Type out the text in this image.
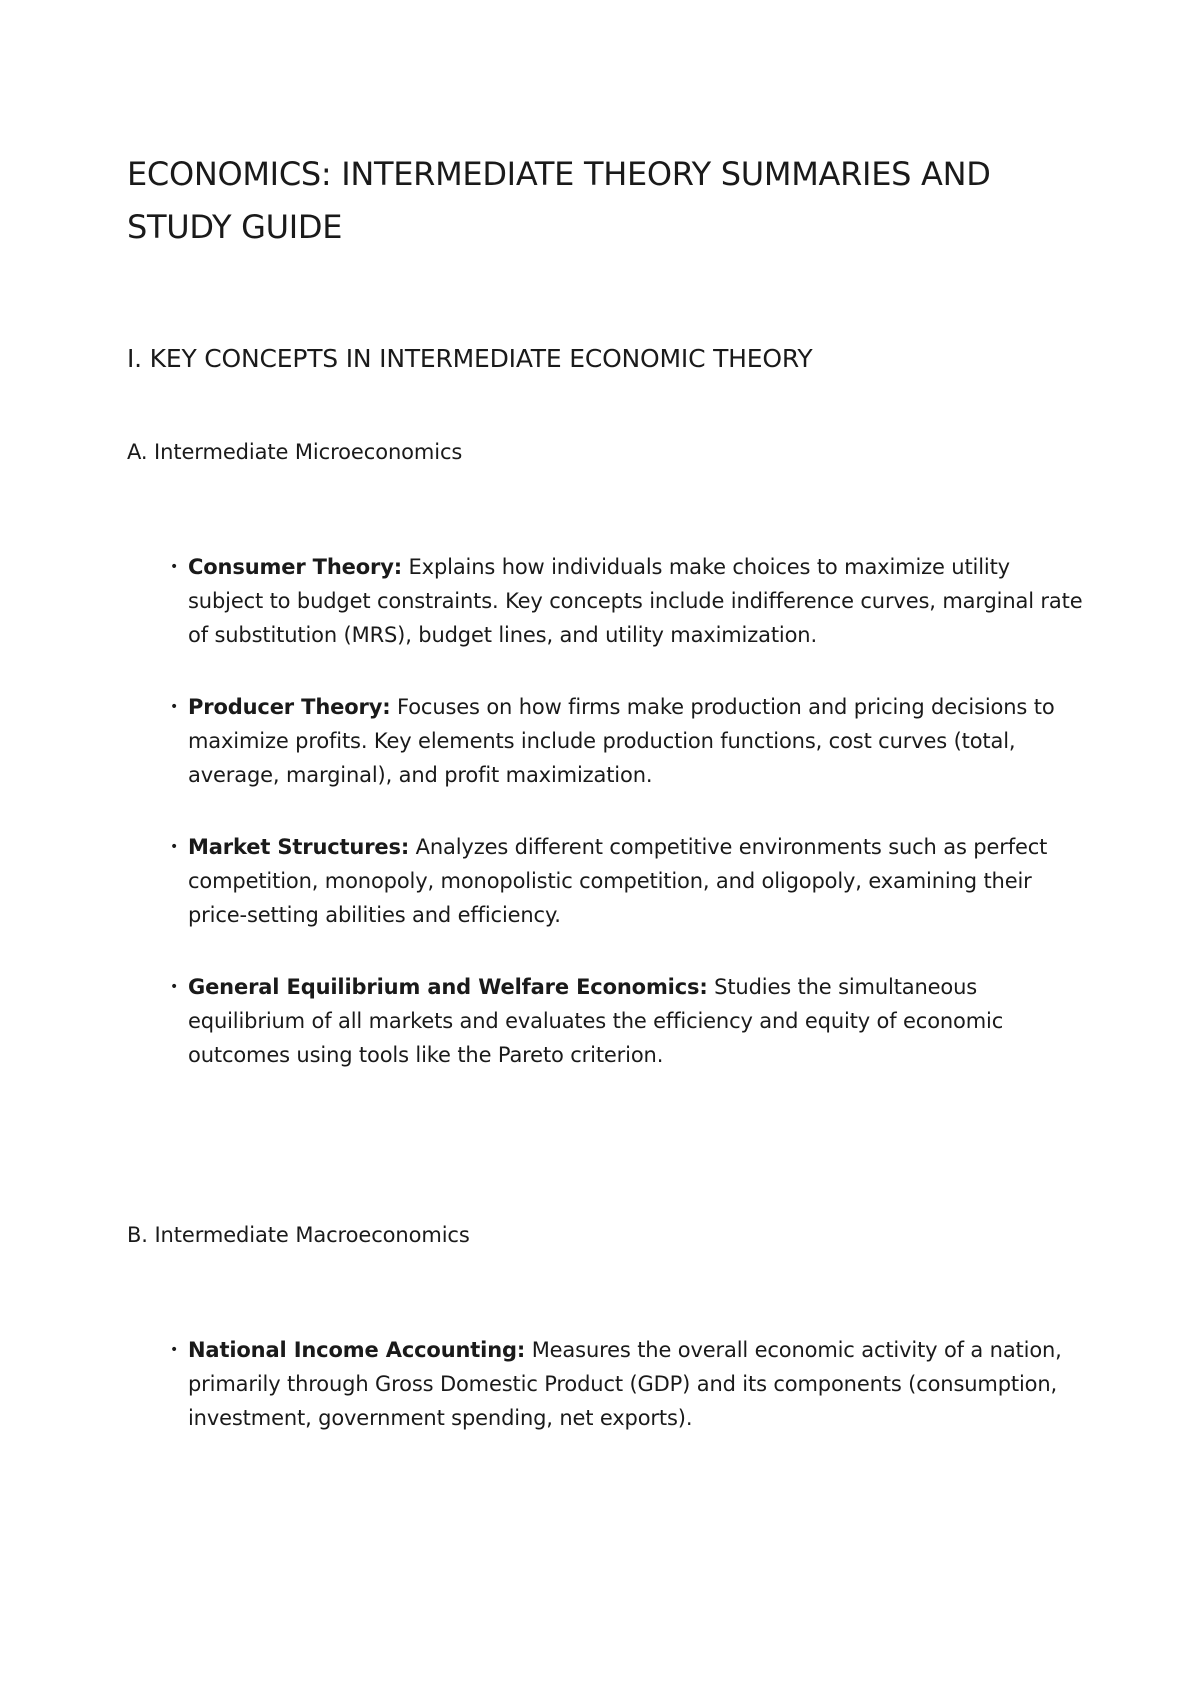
ECONOMICS: INTERMEDIATE THEORY SUMMARIES AND STUDY GUIDE
I. KEY CONCEPTS IN INTERMEDIATE ECONOMIC THEORY
A. Intermediate Microeconomics
• Consumer Theory: Explains how individuals make choices to maximize utility subject to budget constraints. Key concepts include indifference curves, marginal rate of substitution (MRS), budget lines, and utility maximization.
• Producer Theory: Focuses on how firms make production and pricing decisions to maximize profits. Key elements include production functions, cost curves (total, average, marginal), and profit maximization.
• Market Structures: Analyzes different competitive environments such as perfect competition, monopoly, monopolistic competition, and oligopoly, examining their price-setting abilities and efficiency.
• General Equilibrium and Welfare Economics: Studies the simultaneous equilibrium of all markets and evaluates the efficiency and equity of economic outcomes using tools like the Pareto criterion.
B. Intermediate Macroeconomics
• National Income Accounting: Measures the overall economic activity of a nation, primarily through Gross Domestic Product (GDP) and its components (consumption, investment, government spending, net exports).
